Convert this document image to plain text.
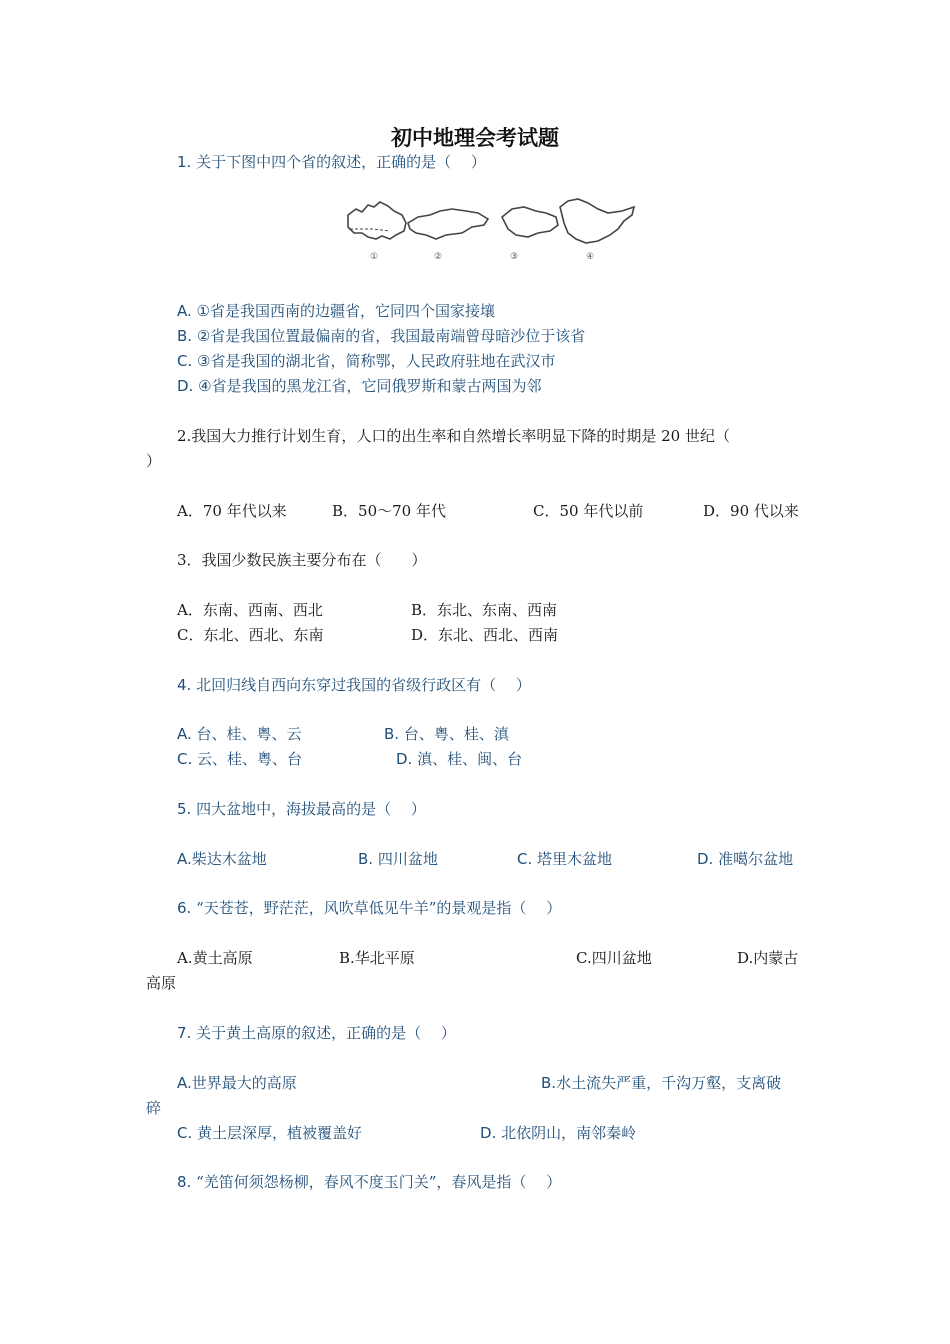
初中地理会考试题
1. 关于下图中四个省的叙述，正确的是（　 ）
①	②	③	④
A. ①省是我国西南的边疆省，它同四个国家接壤
B. ②省是我国位置最偏南的省，我国最南端曾母暗沙位于该省
C. ③省是我国的湖北省，简称鄂，人民政府驻地在武汉市
D. ④省是我国的黑龙江省，它同俄罗斯和蒙古两国为邻
2.我国大力推行计划生育，人口的出生率和自然增长率明显下降的时期是 20 世纪（
）
A．70 年代以来	B．50～70 年代	C．50 年代以前	D．90 代以来
3．我国少数民族主要分布在（　　）
A．东南、西南、西北	B．东北、东南、西南
C．东北、西北、东南	D．东北、西北、西南
4. 北回归线自西向东穿过我国的省级行政区有（　 ）
A. 台、桂、粤、云	B. 台、粤、桂、滇
C. 云、桂、粤、台	D. 滇、桂、闽、台
5. 四大盆地中，海拔最高的是（　 ）
A.柴达木盆地	B. 四川盆地	C. 塔里木盆地	D. 准噶尔盆地
6. “天苍苍，野茫茫，风吹草低见牛羊”的景观是指（　 ）
A.黄土高原	B.华北平原	C.四川盆地	D.内蒙古
高原
7. 关于黄土高原的叙述，正确的是（　 ）
A.世界最大的高原	B.水土流失严重，千沟万壑，支离破
碎
C. 黄土层深厚，植被覆盖好	D. 北依阴山，南邻秦岭
8. “羌笛何须怨杨柳，春风不度玉门关”，春风是指（　 ）
